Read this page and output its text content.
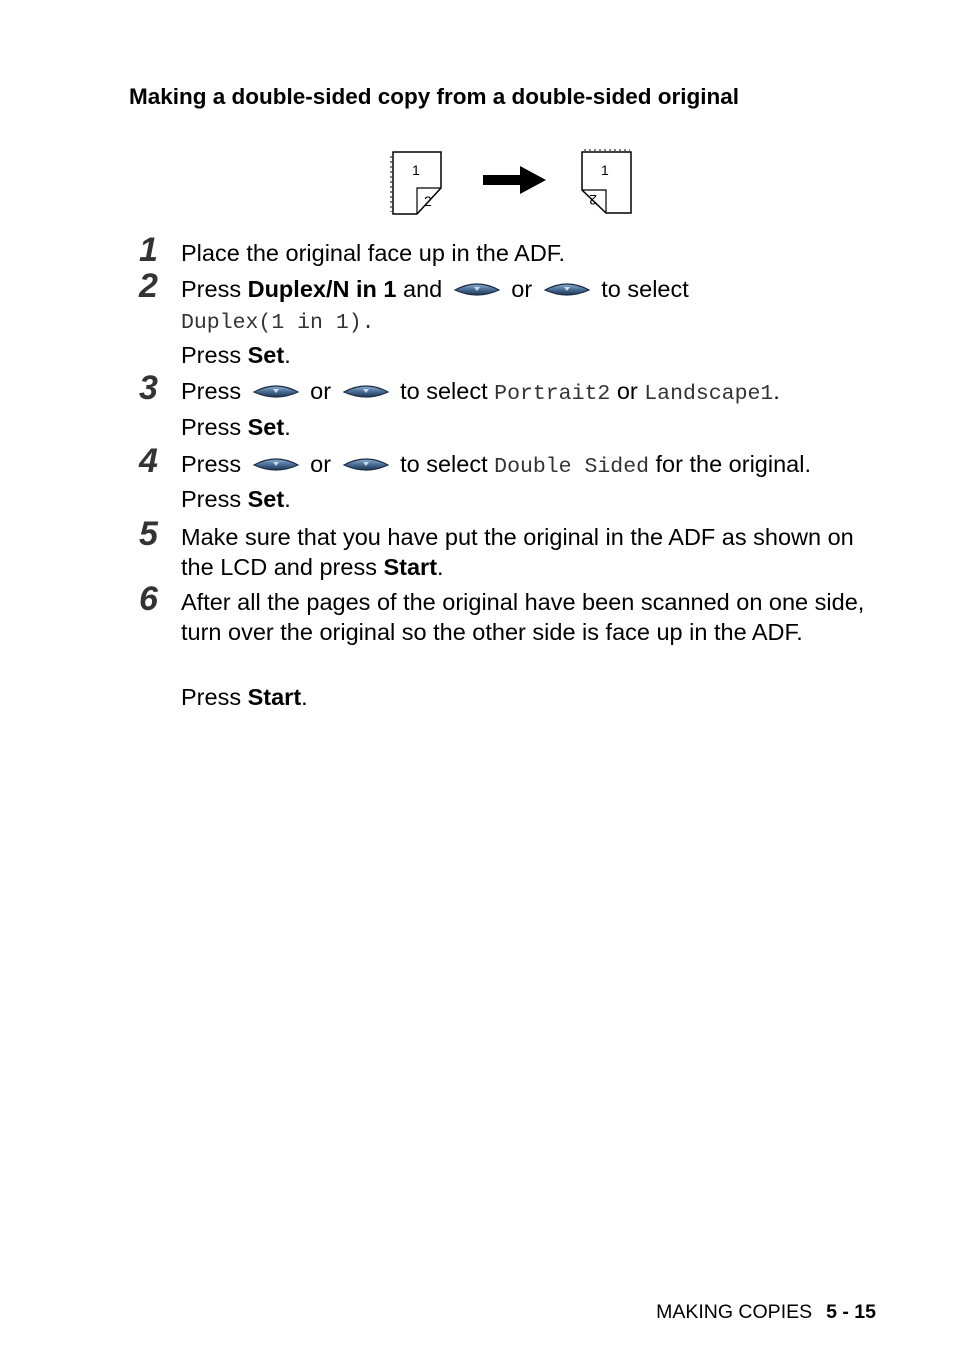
Making a double-sided copy from a double-sided original
1
2
1
2
1 Place the original face up in the ADF.
2 Press Duplex/N in 1 and	or	to select
Duplex(1 in 1).
Press Set.
3 Press	or	to select Portrait2 or Landscape1.
Press Set.
4 Press	or	to select Double Sided for the original.
Press Set.
5 Make sure that you have put the original in the ADF as shown on the LCD and press Start.
6 After all the pages of the original have been scanned on one side, turn over the original so the other side is face up in the ADF.
Press Start.
MAKING COPIES 5 - 15
